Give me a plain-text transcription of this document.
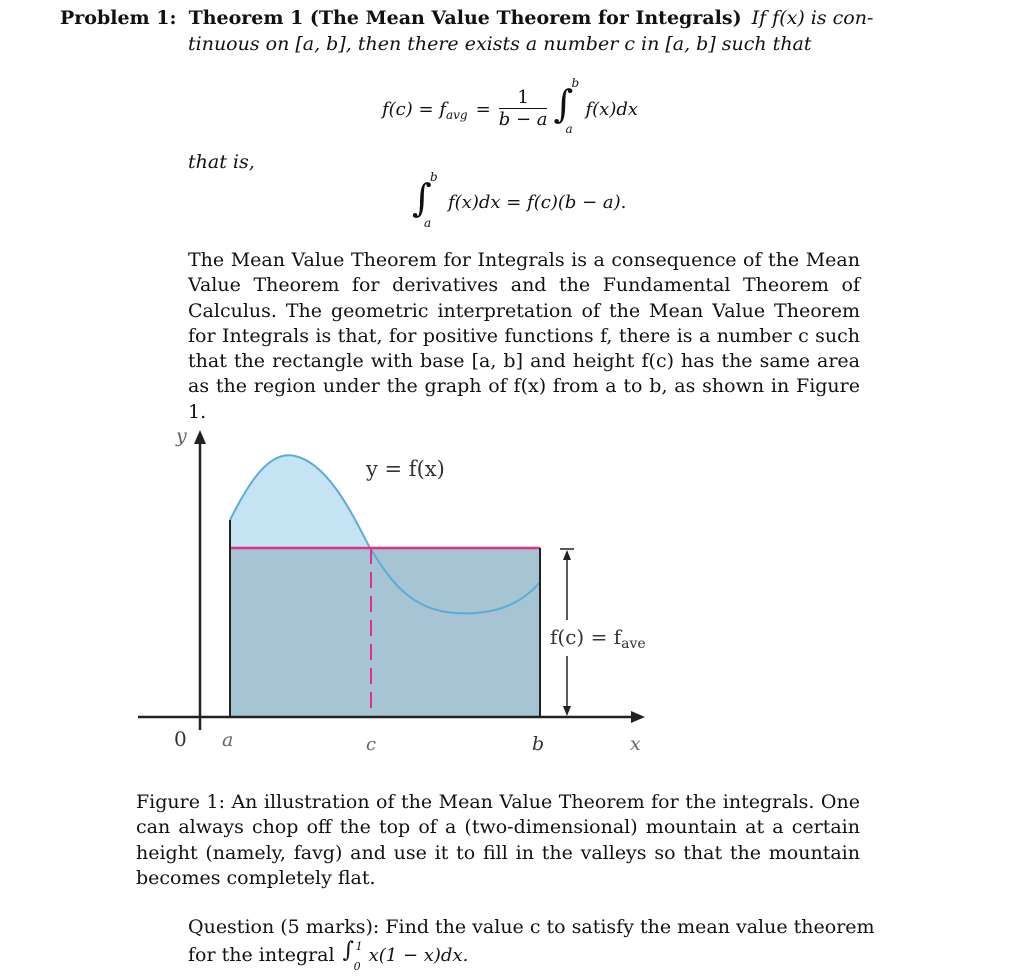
Problem 1: Theorem 1 (The Mean Value Theorem for Integrals) If f(x) is con-
tinuous on [a, b], then there exists a number c in [a, b] such that
f(c) = f avg = $\frac{1}{b - a}$ ∫
b
a
f(x)dx
that is,
∫
b
a
f(x)dx = f(c)(b − a).
The Mean Value Theorem for Integrals is a consequence of the Mean Value Theorem for derivatives and the Fundamental Theorem of Calculus. The geometric interpretation of the Mean Value Theorem for Integrals is that, for positive functions f, there is a number c such that the rectangle with base [a, b] and height f(c) has the same area as the region under the graph of f(x) from a to b, as shown in Figure 1.
y
0 a	c	b	x
y = f(x)
$f(c) = f_{ave}$
Figure 1: An illustration of the Mean Value Theorem for the integrals. One can always chop off the top of a (two-dimensional) mountain at a certain height (namely, favg) and use it to fill in the valleys so that the mountain becomes completely flat.
Question (5 marks): Find the value c to satisfy the mean value theorem
for the integral ∫ 1
0
x(1 − x)dx.
